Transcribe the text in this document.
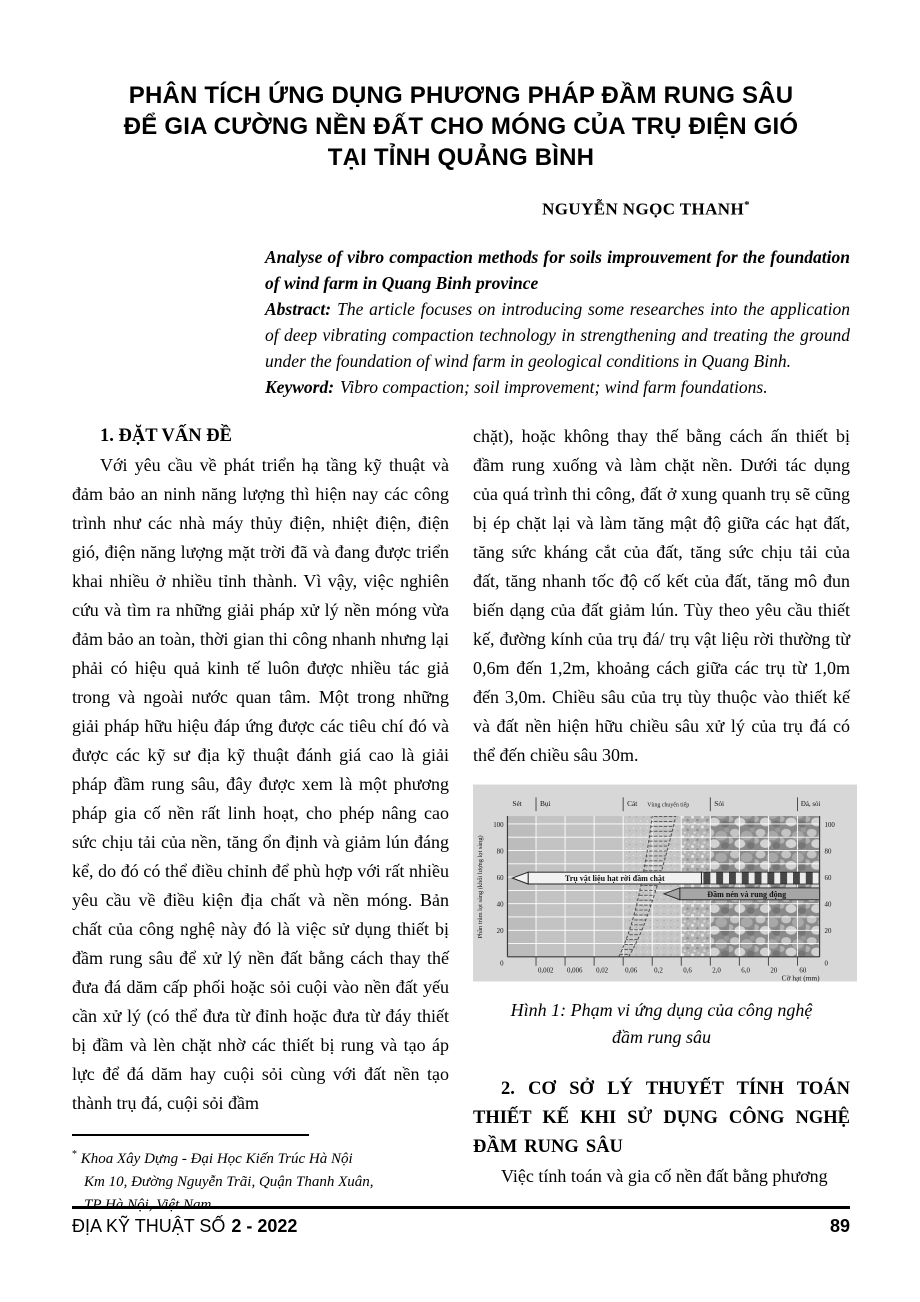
PHÂN TÍCH ỨNG DỤNG PHƯƠNG PHÁP ĐẦM RUNG SÂU
ĐỂ GIA CƯỜNG NỀN ĐẤT CHO MÓNG CỦA TRỤ ĐIỆN GIÓ
TẠI TỈNH QUẢNG BÌNH
NGUYỄN NGỌC THANH*
Analyse of vibro compaction methods for soils improuvement for the foundation of wind farm in Quang Binh province
Abstract: The article focuses on introducing some researches into the application of deep vibrating compaction technology in strengthening and treating the ground under the foundation of wind farm in geological conditions in Quang Binh.
Keyword: Vibro compaction; soil improvement; wind farm foundations.

1. ĐẶT VẤN ĐỀ

Với yêu cầu về phát triển hạ tầng kỹ thuật và đảm bảo an ninh năng lượng thì hiện nay các công trình như các nhà máy thủy điện, nhiệt điện, điện gió, điện năng lượng mặt trời đã và đang được triển khai nhiều ở nhiều tỉnh thành. Vì vậy, việc nghiên cứu và tìm ra những giải pháp xử lý nền móng vừa đảm bảo an toàn, thời gian thi công nhanh nhưng lại phải có hiệu quả kinh tế luôn được nhiều tác giả trong và ngoài nước quan tâm. Một trong những giải pháp hữu hiệu đáp ứng được các tiêu chí đó và được các kỹ sư địa kỹ thuật đánh giá cao là giải pháp đầm rung sâu, đây được xem là một phương pháp gia cố nền rất linh hoạt, cho phép nâng cao sức chịu tải của nền, tăng ổn định và giảm lún đáng kể, do đó có thể điều chỉnh để phù hợp với rất nhiều yêu cầu về điều kiện địa chất và nền móng. Bản chất của công nghệ này đó là việc sử dụng thiết bị đầm rung sâu để xử lý nền đất bằng cách thay thế đưa đá dăm cấp phối hoặc sỏi cuội vào nền đất yếu cần xử lý (có thể đưa từ đỉnh hoặc đưa từ đáy thiết bị đầm và lèn chặt nhờ các thiết bị rung và tạo áp lực để đá dăm hay cuội sỏi cùng với đất nền tạo thành trụ đá, cuội sỏi đầm

* Khoa Xây Dựng - Đại Học Kiến Trúc Hà Nội
Km 10, Đường Nguyễn Trãi, Quận Thanh Xuân,
TP Hà Nội, Việt Nam

chặt), hoặc không thay thế bằng cách ấn thiết bị đầm rung xuống và làm chặt nền. Dưới tác dụng của quá trình thi công, đất ở xung quanh trụ sẽ cũng bị ép chặt lại và làm tăng mật độ giữa các hạt đất, tăng sức kháng cắt của đất, tăng sức chịu tải của đất, tăng nhanh tốc độ cố kết của đất, tăng mô đun biến dạng của đất giảm lún. Tùy theo yêu cầu thiết kế, đường kính của trụ đá/ trụ vật liệu rời thường từ 0,6m đến 1,2m, khoảng cách giữa các trụ từ 1,0m đến 3,0m. Chiều sâu của trụ tùy thuộc vào thiết kế và đất nền hiện hữu chiều sâu xử lý của trụ đá có thể đến chiều sâu 30m.

Trụ vật liệu hạt rời đầm chặt
Đầm nén và rung động
Sét Bụi	Cát Vùng chuyển tiếp	Sỏi	Đá, sỏi
100
80
60
40
20
0
100
80
60
40
20
0
0,002 0,006 0,02 0,06 0,2	0,6	2,0	6,0	20	60
Cỡ hạt (mm)
Phần trăm lọt sàng (khối lượng lọt sàng)
Hình 1: Phạm vi ứng dụng của công nghệ
đầm rung sâu

2. CƠ SỞ LÝ THUYẾT TÍNH TOÁN THIẾT KẾ KHI SỬ DỤNG CÔNG NGHỆ ĐẦM RUNG SÂU

Việc tính toán và gia cố nền đất bằng phương

ĐỊA KỸ THUẬT SỐ 2 - 2022	89
